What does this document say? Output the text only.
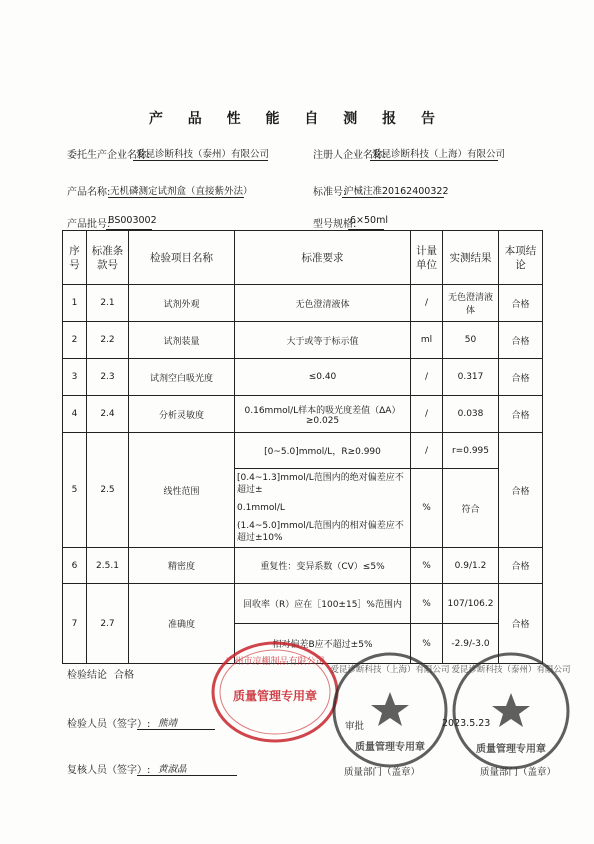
产 品 性 能 自 测 报 告
委托生产企业名称:
爱昆诊断科技（泰州）有限公司	注册人企业名称:
爱昆诊断科技（上海）有限公司
产品名称: 无机磷测定试剂盒（直接紫外法）	标准号:
沪械注准20162400322
产品批号:
BS003002	型号规格:
6×50ml
序号	标准条款号	检验项目名称	标准要求	计量单位	实测结果	本项结论
1	2.1	试剂外观	无色澄清液体	/	无色澄清液体	合格
2	2.2	试剂装量	大于或等于标示值	ml	50	合格
3	2.3	试剂空白吸光度	≤0.40	/	0.317	合格
4	2.4	分析灵敏度	0.16mmol/L样本的吸光度差值（ΔA）≥0.025	/	0.038	合格
5	2.5	线性范围	[0~5.0]mmol/L，R≥0.990	/	r=0.995	合格

			[0.4~1.3]mmol/L范围内的绝对偏差应不超过±
0.1mmol/L
(1.4~5.0]mmol/L范围内的相对偏差应不超过±10%	%	符合	
6	2.5.1	精密度	重复性：变异系数（CV）≤5%	%	0.9/1.2	合格
7	2.7	准确度	回收率（R）应在［100±15］%范围内	%	107/106.2	合格
			相对偏差B应不超过±5%	%	-2.9/-3.0	
检验结论 合格
检验人员（签字）: 熊靖
复核人员（签字）: 黄淑晶
审批	2023.5.23
质量部门（盖章）	质量部门（盖章）
广州市凉棚制品有限公司
质量管理专用章
爱昆诊断科技（上海）有限公司
质量管理专用章
爱昆诊断科技（泰州）有限公司
质量管理专用章
